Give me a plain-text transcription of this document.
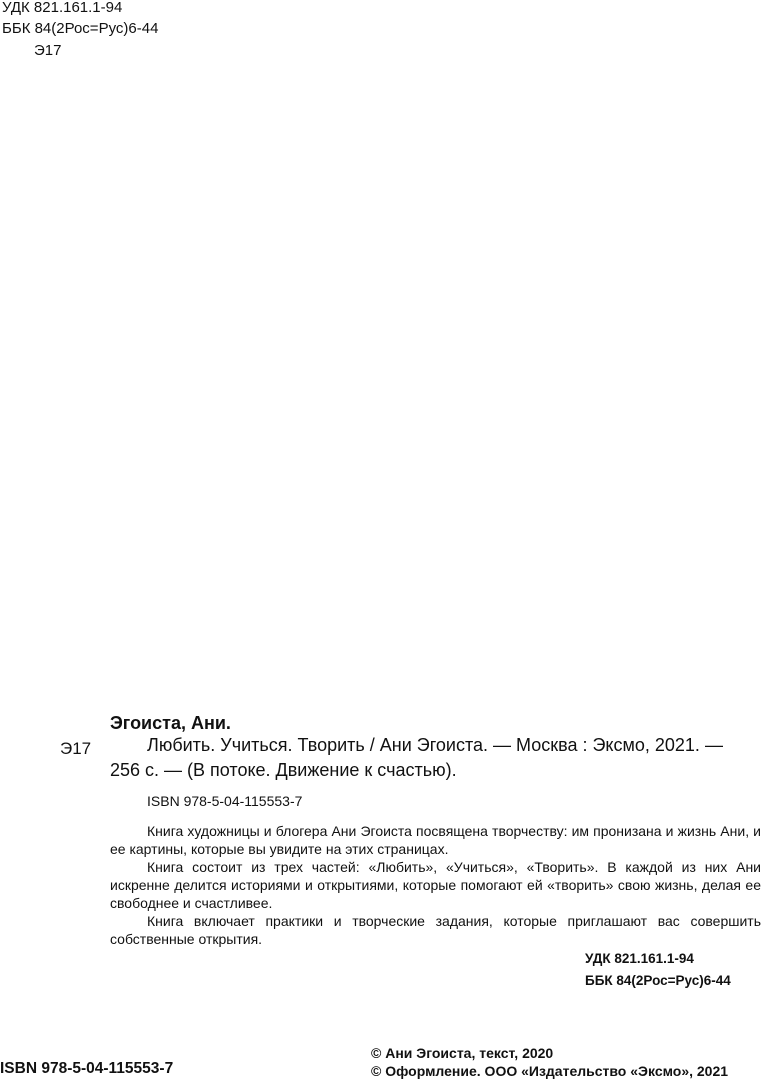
УДК 821.161.1-94
ББК 84(2Рос=Рус)6-44
Э17
Эгоиста, Ани.
Э17	Любить. Учиться. Творить / Ани Эгоиста. — Москва : Эксмо, 2021. —
256 с. — (В потоке. Движение к счастью).
ISBN 978-5-04-115553-7

Книга художницы и блогера Ани Эгоиста посвящена творчеству: им пронизана и жизнь Ани, и ее картины, которые вы увидите на этих страницах.

Книга состоит из трех частей: «Любить», «Учиться», «Творить». В каждой из них Ани искренне делится историями и открытиями, которые помогают ей «творить» свою жизнь, делая ее свободнее и счастливее.

Книга включает практики и творческие задания, которые приглашают вас совершить собственные открытия.

УДК 821.161.1-94
ББК 84(2Рос=Рус)6-44
ISBN 978-5-04-115553-7
© Ани Эгоиста, текст, 2020
© Оформление. ООО «Издательство «Эксмо», 2021
